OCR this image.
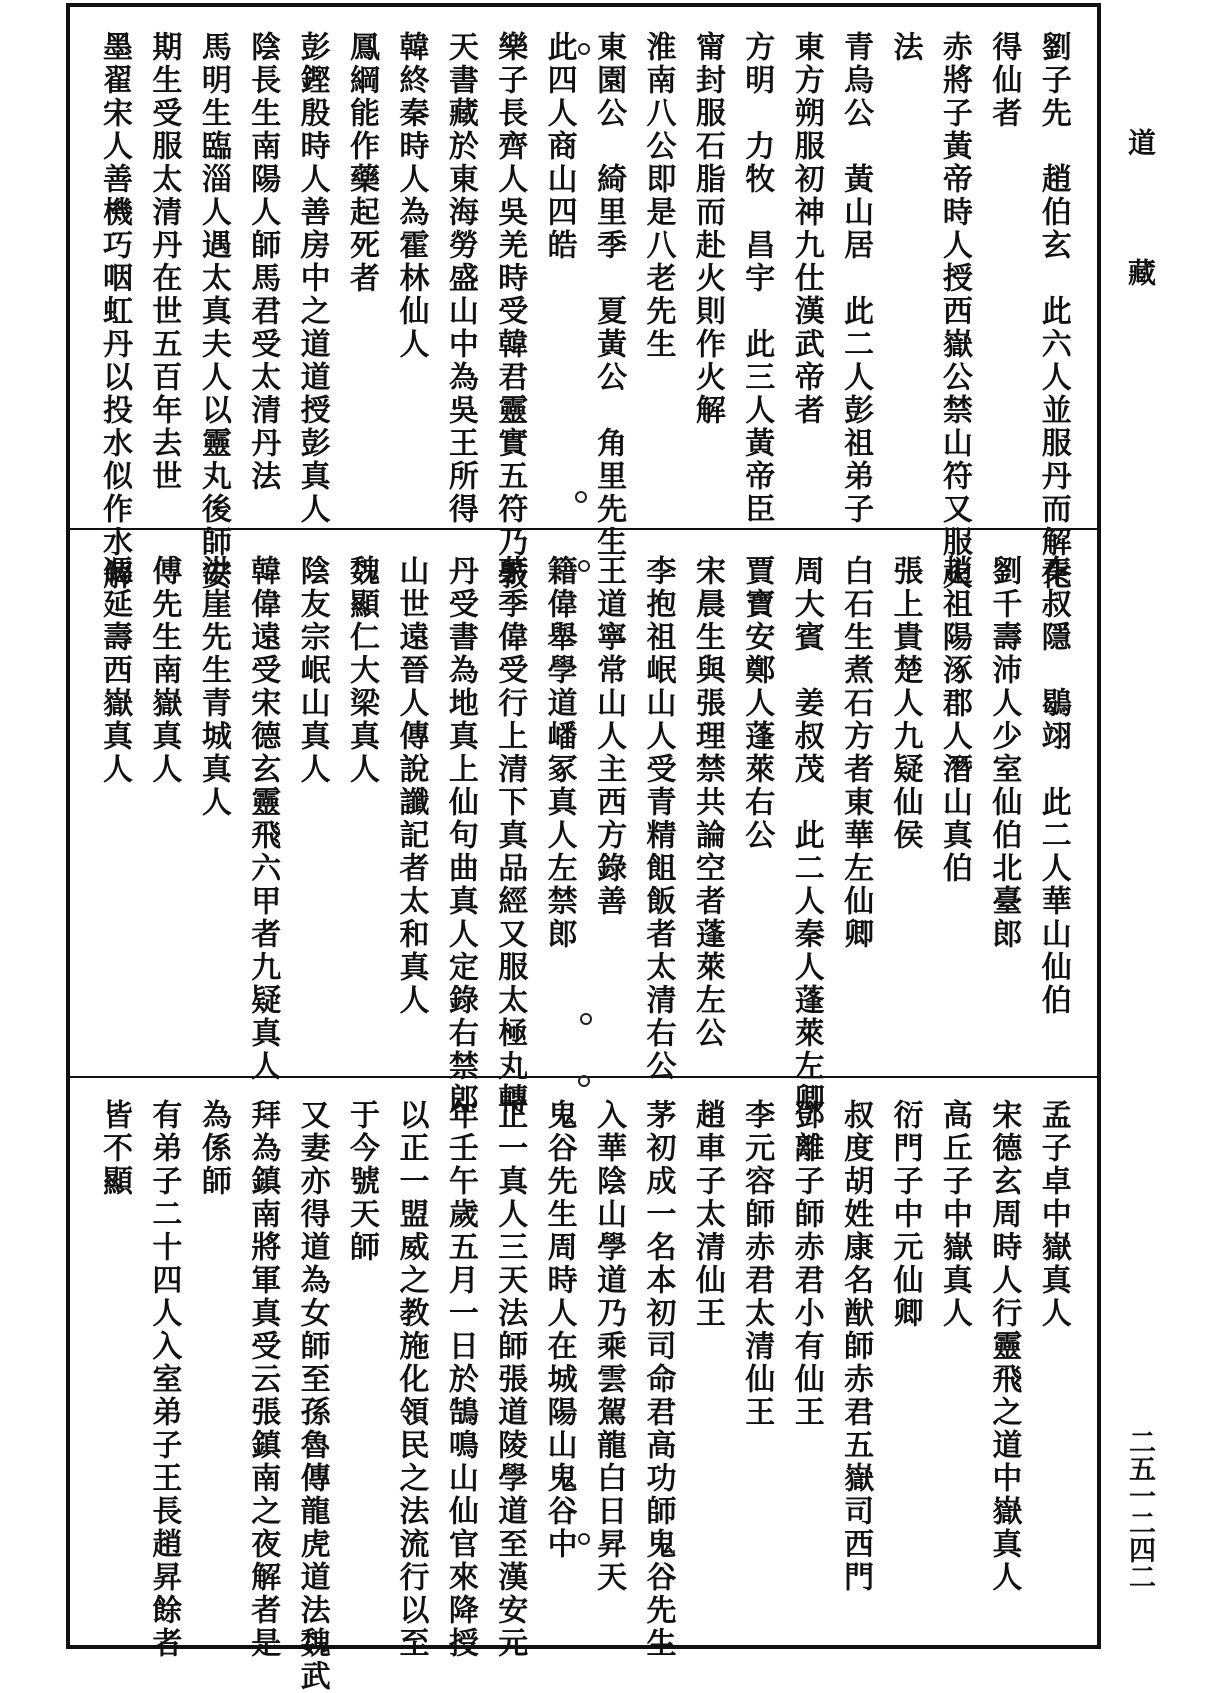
道
藏
二五一二四二
劉子先　趙伯玄　此六人並服丹而解化
得仙者
赤將子黃帝時人授西嶽公禁山符又服火
法
青烏公　黃山居　此二人彭祖弟子
東方朔服初神九仕漢武帝者
方明　力牧　昌宇　此三人黃帝臣
甯封服石脂而赴火則作火解
淮南八公即是八老先生
東園公　綺里季　夏黃公　角里先生
此四人商山四皓
樂子長齊人吳羌時受韓君靈實五符乃斅
天書藏於東海勞盛山中為吳王所得
韓終秦時人為霍林仙人
鳳綱能作藥起死者
彭鏗殷時人善房中之道道授彭真人
陰長生南陽人師馬君受太清丹法
馬明生臨淄人遇太真夫人以靈丸後師安
期生受服太清丹在世五百年去世
墨翟宋人善機巧咽虹丹以投水似作水解
秦叔隱　鶡翊　此二人華山仙伯
劉千壽沛人少室仙伯北臺郎
趙祖陽涿郡人潛山真伯
張上貴楚人九疑仙侯
白石生煮石方者東華左仙卿
周大賓　姜叔茂　此二人秦人蓬萊左卿
賈寶安鄭人蓬萊右公
宋晨生與張理禁共論空者蓬萊左公
李抱祖岷山人受青精飷飯者太清右公
王道寧常山人主西方錄善
籍偉舉學道嶓冢真人左禁郎
茅季偉受行上清下真品經又服太極丸轉
丹受書為地真上仙句曲真人定錄右禁郎
山世遠晉人傳說讖記者太和真人
魏顯仁大梁真人
陰友宗岷山真人
韓偉遠受宋德玄靈飛六甲者九疑真人
洪崖先生青城真人
傅先生南嶽真人
馮延壽西嶽真人
孟子卓中嶽真人
宋德玄周時人行靈飛之道中嶽真人
高丘子中嶽真人
衍門子中元仙卿
叔度胡姓康名猷師赤君五嶽司西門
鄧離子師赤君小有仙王
李元容師赤君太清仙王
趙車子太清仙王
茅初成一名本初司命君高功師鬼谷先生
入華陰山學道乃乘雲駕龍白日昇天
鬼谷先生周時人在城陽山鬼谷中
正一真人三天法師張道陵學道至漢安元
年壬午歲五月一日於鵠鳴山仙官來降授
以正一盟威之教施化領民之法流行以至
于今號天師
又妻亦得道為女師至孫魯傳龍虎道法魏武
拜為鎮南將軍真受云張鎮南之夜解者是
為係師
有弟子二十四人入室弟子王長趙昇餘者
皆不顯
